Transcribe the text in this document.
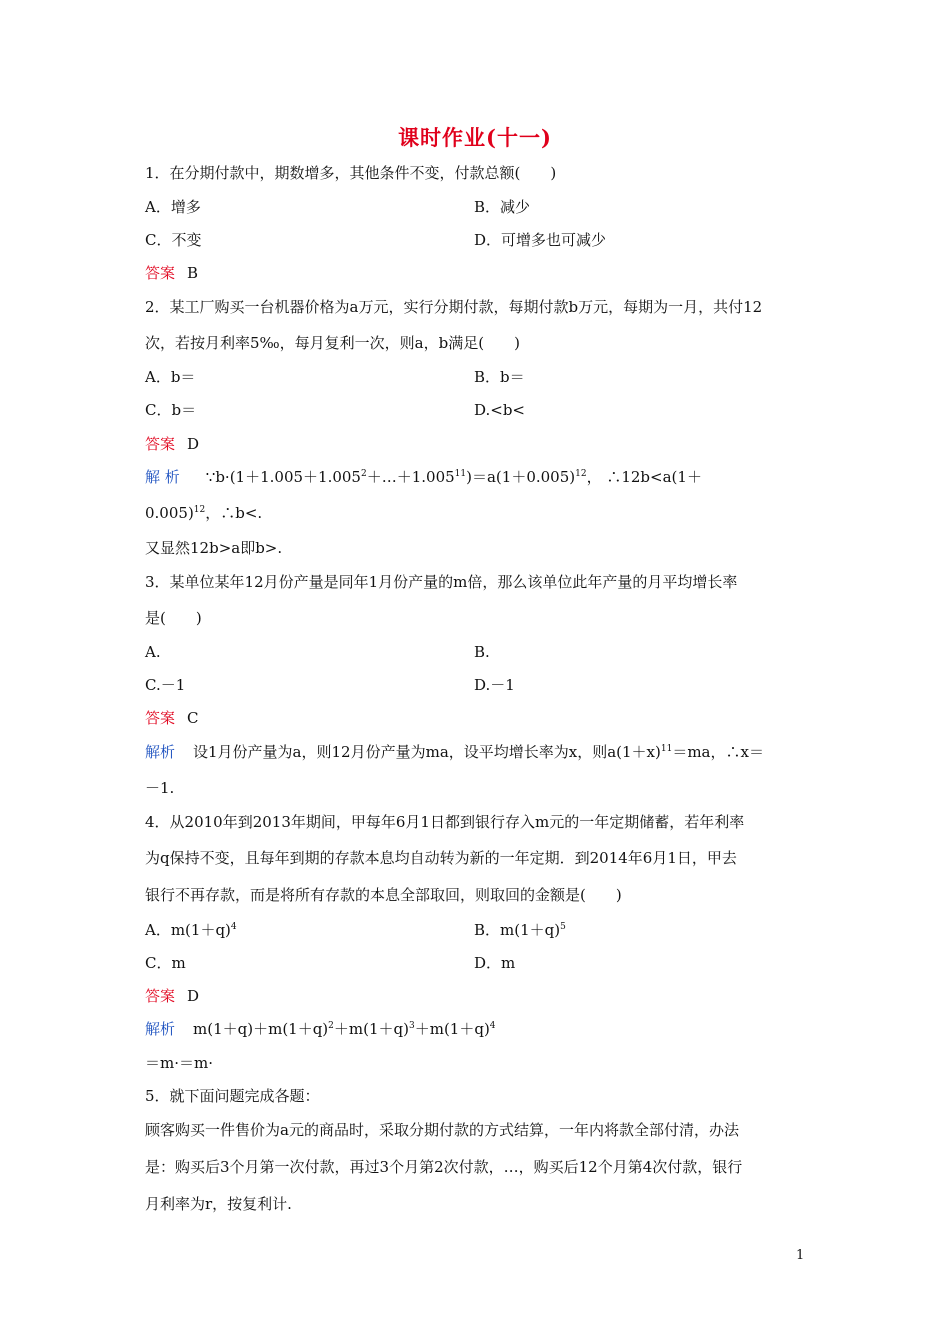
课时作业(十一)
1．在分期付款中，期数增多，其他条件不变，付款总额(　　)
A．增多	B．减少
C．不变	D．可增多也可减少
答案 B
2．某工厂购买一台机器价格为a万元，实行分期付款，每期付款b万元，每期为一月，共付12
次，若按月利率5‰，每月复利一次，则a，b满足(　　)
A．b＝	B．b＝
C．b＝	D.<b<
答案 D
解 析 $\because b\cdot(1+1.005+1.005^2+\dots+1.005^{11})=a(1+0.005)^{12}$， ∴12b<a(1＋
0.005)$^{12}$，∴b<.
又显然12b>a即b>.
3．某单位某年12月份产量是同年1月份产量的m倍，那么该单位此年产量的月平均增长率
是(　　)
A.	B.
C.－1	D.－1
答案 C
解析 设1月份产量为a，则12月份产量为ma，设平均增长率为x，则$a(1+x)^{11}=ma$，∴x＝
－1.
4．从2010年到2013年期间，甲每年6月1日都到银行存入m元的一年定期储蓄，若年利率
为q保持不变，且每年到期的存款本息均自动转为新的一年定期．到2014年6月1日，甲去
银行不再存款，而是将所有存款的本息全部取回，则取回的金额是(　　)
A．$m(1+q)^4$	B．$m(1+q)^5$
C．m	D．m
答案 D
解析 $m(1+q)+m(1+q)^2+m(1+q)^3+m(1+q)^4$
＝m·＝m·
5．就下面问题完成各题：
顾客购买一件售价为a元的商品时，采取分期付款的方式结算，一年内将款全部付清，办法
是：购买后3个月第一次付款，再过3个月第2次付款，…，购买后12个月第4次付款，银行
月利率为r，按复利计.
1
